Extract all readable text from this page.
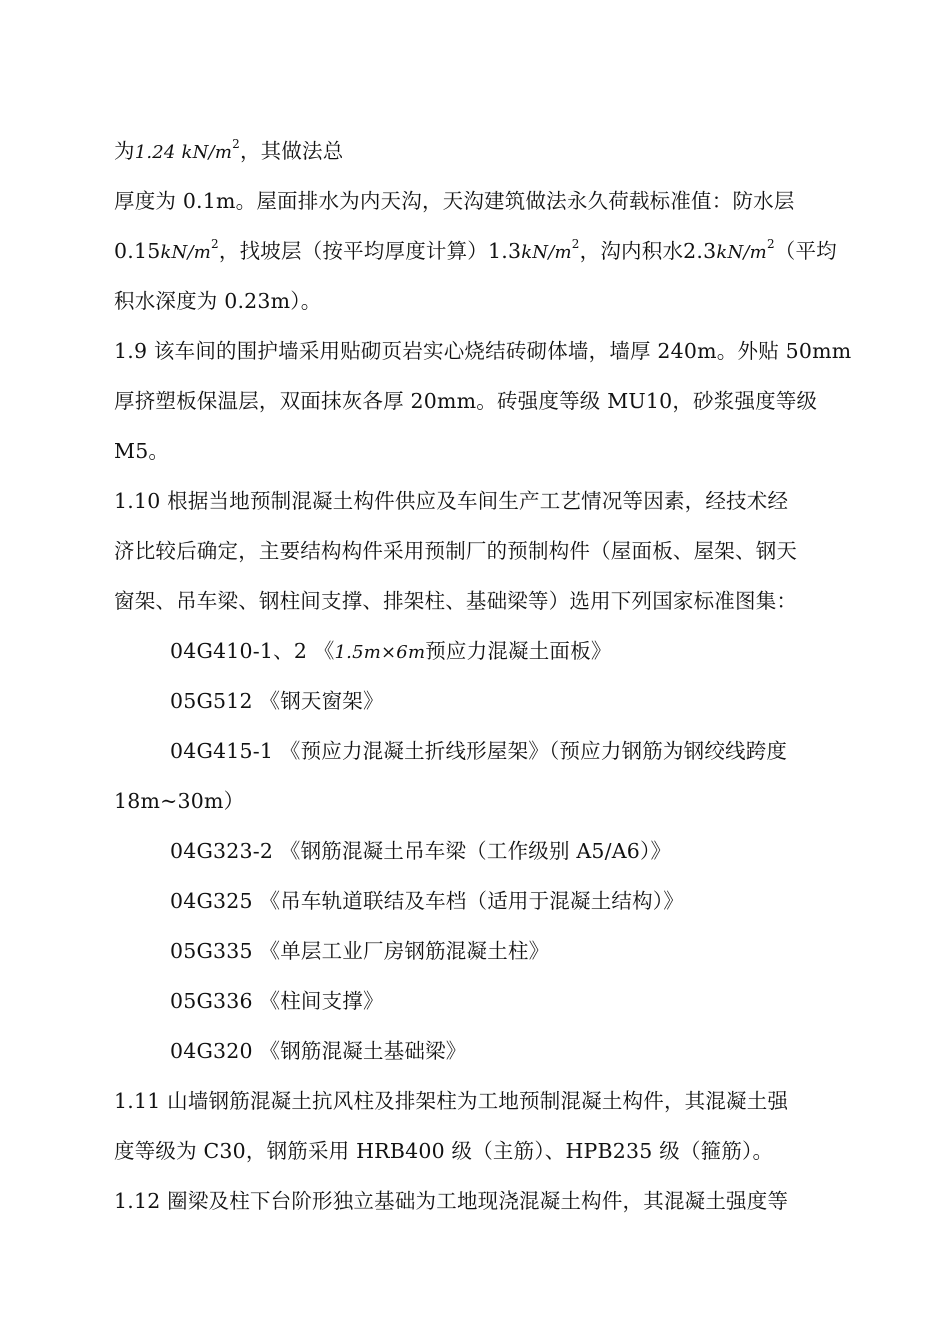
为1.24 $kN/m^2$，其做法总
厚度为 0.1m。屋面排水为内天沟，天沟建筑做法永久荷载标准值：防水层
$0.15kN/m^2$，找坡层（按平均厚度计算）$1.3kN/m^2$，沟内积水$2.3kN/m^2$（平均
积水深度为 0.23m）。
1.9 该车间的围护墙采用贴砌页岩实心烧结砖砌体墙，墙厚 240m。外贴 50mm
厚挤塑板保温层，双面抹灰各厚 20mm。砖强度等级 MU10，砂浆强度等级
M5。
1.10 根据当地预制混凝土构件供应及车间生产工艺情况等因素，经技术经
济比较后确定，主要结构构件采用预制厂的预制构件（屋面板、屋架、钢天
窗架、吊车梁、钢柱间支撑、排架柱、基础梁等）选用下列国家标准图集：
04G410-1、2 《1.5m×6m预应力混凝土面板》
05G512 《钢天窗架》
04G415-1 《预应力混凝土折线形屋架》（预应力钢筋为钢绞线跨度
18m~30m）
04G323-2 《钢筋混凝土吊车梁（工作级别 A5/A6）》
04G325 《吊车轨道联结及车档（适用于混凝土结构）》
05G335 《单层工业厂房钢筋混凝土柱》
05G336 《柱间支撑》
04G320 《钢筋混凝土基础梁》
1.11 山墙钢筋混凝土抗风柱及排架柱为工地预制混凝土构件，其混凝土强
度等级为 C30，钢筋采用 HRB400 级（主筋）、HPB235 级（箍筋）。
1.12 圈梁及柱下台阶形独立基础为工地现浇混凝土构件，其混凝土强度等
